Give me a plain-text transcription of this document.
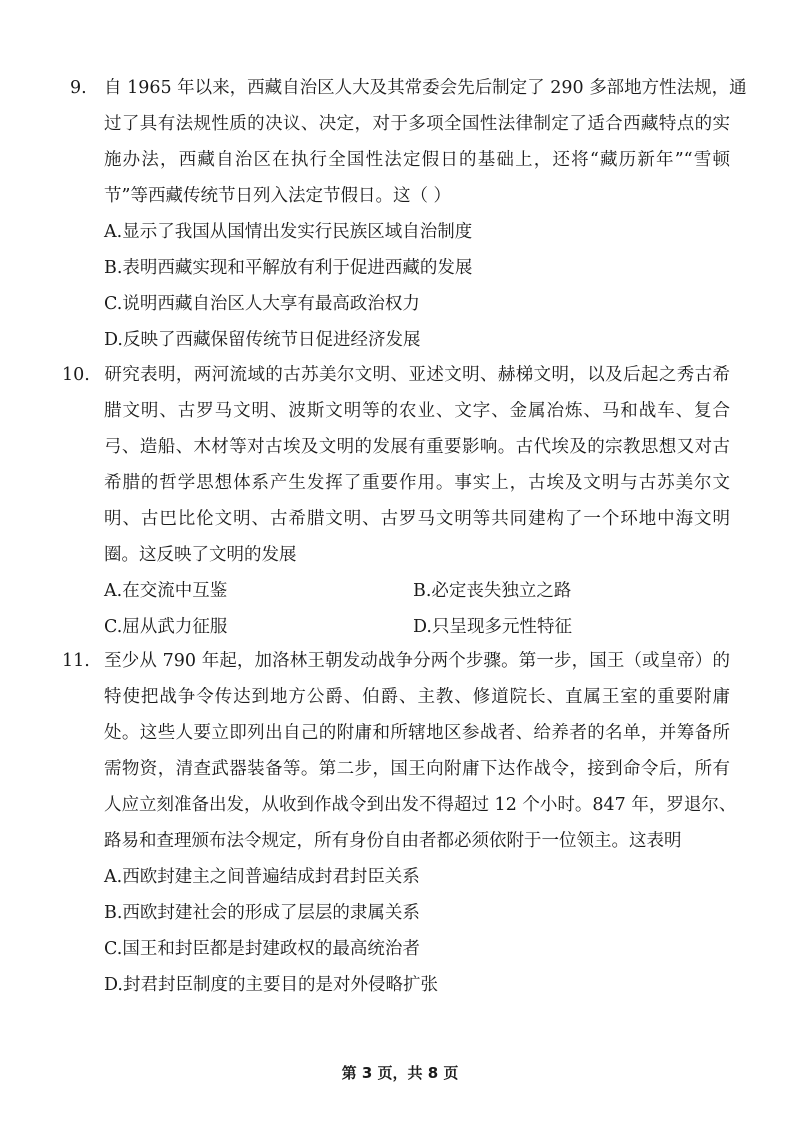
9. 自 1965 年以来，西藏自治区人大及其常委会先后制定了 290 多部地方性法规，通
过了具有法规性质的决议、决定，对于多项全国性法律制定了适合西藏特点的实
施办法，西藏自治区在执行全国性法定假日的基础上，还将“藏历新年”“雪顿
节”等西藏传统节日列入法定节假日。这（ ）
A.显示了我国从国情出发实行民族区域自治制度
B.表明西藏实现和平解放有利于促进西藏的发展
C.说明西藏自治区人大享有最高政治权力
D.反映了西藏保留传统节日促进经济发展
10. 研究表明，两河流域的古苏美尔文明、亚述文明、赫梯文明，以及后起之秀古希
腊文明、古罗马文明、波斯文明等的农业、文字、金属冶炼、马和战车、复合
弓、造船、木材等对古埃及文明的发展有重要影响。古代埃及的宗教思想又对古
希腊的哲学思想体系产生发挥了重要作用。事实上，古埃及文明与古苏美尔文
明、古巴比伦文明、古希腊文明、古罗马文明等共同建构了一个环地中海文明
圈。这反映了文明的发展
A.在交流中互鉴	B.必定丧失独立之路
C.屈从武力征服	D.只呈现多元性特征
11. 至少从 790 年起，加洛林王朝发动战争分两个步骤。第一步，国王（或皇帝）的
特使把战争令传达到地方公爵、伯爵、主教、修道院长、直属王室的重要附庸
处。这些人要立即列出自己的附庸和所辖地区参战者、给养者的名单，并筹备所
需物资，清查武器装备等。第二步，国王向附庸下达作战令，接到命令后，所有
人应立刻准备出发，从收到作战令到出发不得超过 12 个小时。847 年，罗退尔、
路易和查理颁布法令规定，所有身份自由者都必须依附于一位领主。这表明
A.西欧封建主之间普遍结成封君封臣关系
B.西欧封建社会的形成了层层的隶属关系
C.国王和封臣都是封建政权的最高统治者
D.封君封臣制度的主要目的是对外侵略扩张
第 3 页，共 8 页
